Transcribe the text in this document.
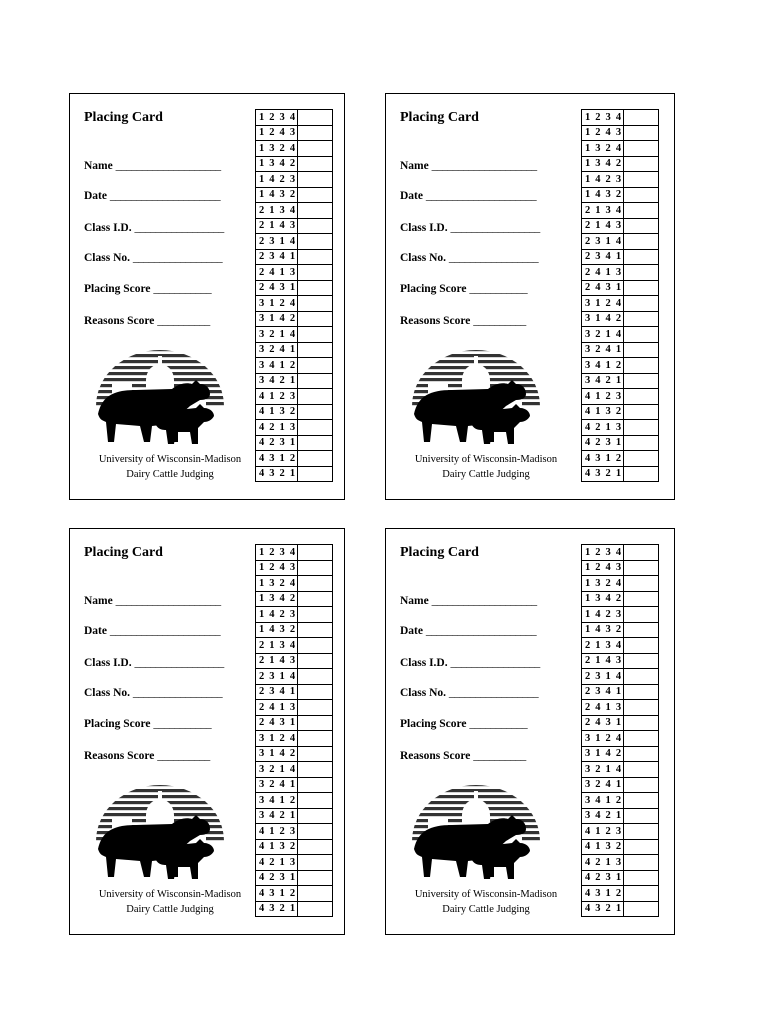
Placing Card
Name ____________________
Date _____________________
Class I.D. _________________
Class No. _________________
Placing Score ___________
Reasons Score __________
University of Wisconsin-Madison
Dairy Cattle Judging
1 2 3 4	
1 2 4 3	
1 3 2 4	
1 3 4 2	
1 4 2 3	
1 4 3 2	
2 1 3 4	
2 1 4 3	
2 3 1 4	
2 3 4 1	
2 4 1 3	
2 4 3 1	
3 1 2 4	
3 1 4 2	
3 2 1 4	
3 2 4 1	
3 4 1 2	
3 4 2 1	
4 1 2 3	
4 1 3 2	
4 2 1 3	
4 2 3 1	
4 3 1 2	
4 3 2 1	
Placing Card
Name ____________________
Date _____________________
Class I.D. _________________
Class No. _________________
Placing Score ___________
Reasons Score __________
University of Wisconsin-Madison
Dairy Cattle Judging
1 2 3 4	
1 2 4 3	
1 3 2 4	
1 3 4 2	
1 4 2 3	
1 4 3 2	
2 1 3 4	
2 1 4 3	
2 3 1 4	
2 3 4 1	
2 4 1 3	
2 4 3 1	
3 1 2 4	
3 1 4 2	
3 2 1 4	
3 2 4 1	
3 4 1 2	
3 4 2 1	
4 1 2 3	
4 1 3 2	
4 2 1 3	
4 2 3 1	
4 3 1 2	
4 3 2 1	
Placing Card
Name ____________________
Date _____________________
Class I.D. _________________
Class No. _________________
Placing Score ___________
Reasons Score __________
University of Wisconsin-Madison
Dairy Cattle Judging
1 2 3 4	
1 2 4 3	
1 3 2 4	
1 3 4 2	
1 4 2 3	
1 4 3 2	
2 1 3 4	
2 1 4 3	
2 3 1 4	
2 3 4 1	
2 4 1 3	
2 4 3 1	
3 1 2 4	
3 1 4 2	
3 2 1 4	
3 2 4 1	
3 4 1 2	
3 4 2 1	
4 1 2 3	
4 1 3 2	
4 2 1 3	
4 2 3 1	
4 3 1 2	
4 3 2 1	
Placing Card
Name ____________________
Date _____________________
Class I.D. _________________
Class No. _________________
Placing Score ___________
Reasons Score __________
University of Wisconsin-Madison
Dairy Cattle Judging
1 2 3 4	
1 2 4 3	
1 3 2 4	
1 3 4 2	
1 4 2 3	
1 4 3 2	
2 1 3 4	
2 1 4 3	
2 3 1 4	
2 3 4 1	
2 4 1 3	
2 4 3 1	
3 1 2 4	
3 1 4 2	
3 2 1 4	
3 2 4 1	
3 4 1 2	
3 4 2 1	
4 1 2 3	
4 1 3 2	
4 2 1 3	
4 2 3 1	
4 3 1 2	
4 3 2 1	
